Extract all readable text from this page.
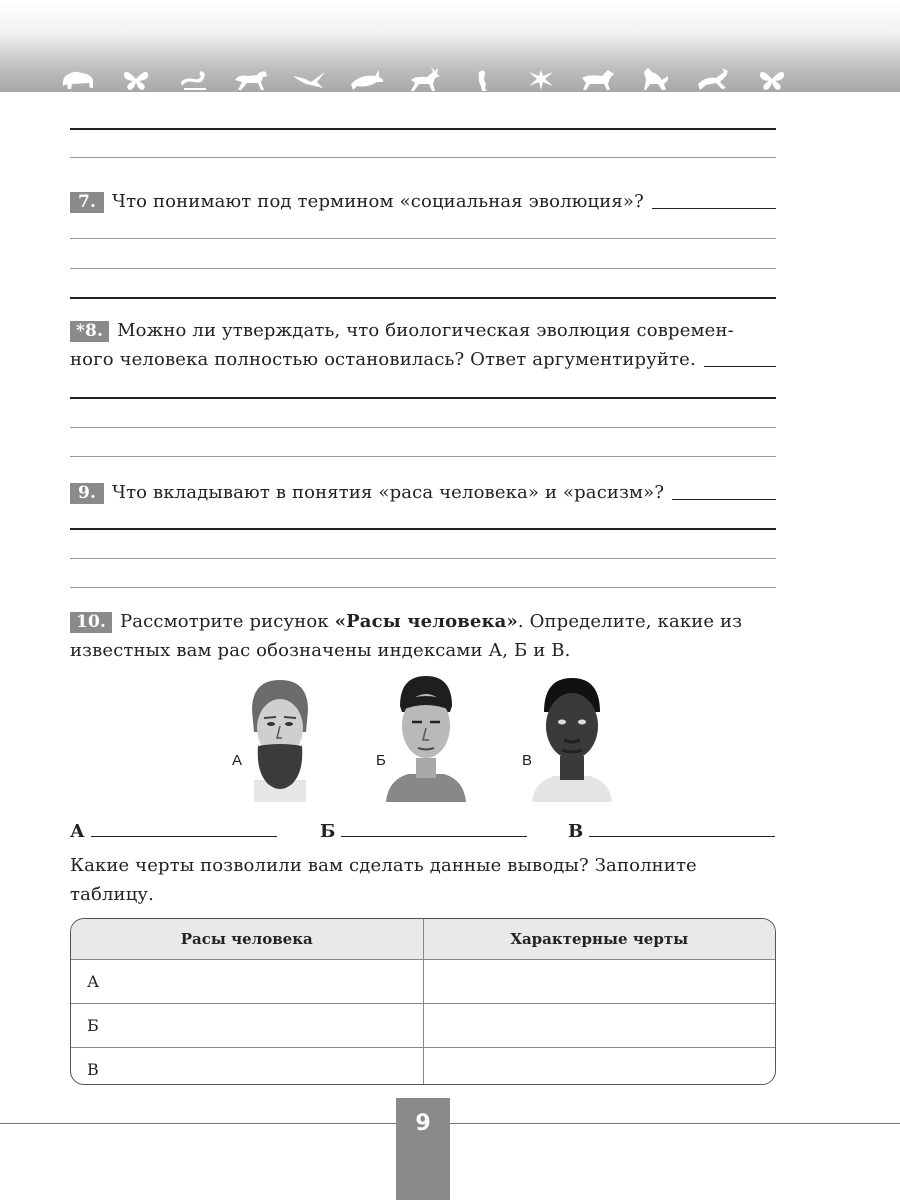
7. Что понимают под термином «социальная эволюция»?
*8. Можно ли утверждать, что биологическая эволюция современ-
ного человека полностью остановилась? Ответ аргументируйте.
9. Что вкладывают в понятия «раса человека» и «расизм»?
10. Рассмотрите рисунок «Расы человека». Определите, какие из
известных вам рас обозначены индексами А, Б и В.
А	Б	В
А	Б	В
Какие черты позволили вам сделать данные выводы? Заполните
таблицу.
Расы человека	Характерные черты
А	
Б	
В	
9
